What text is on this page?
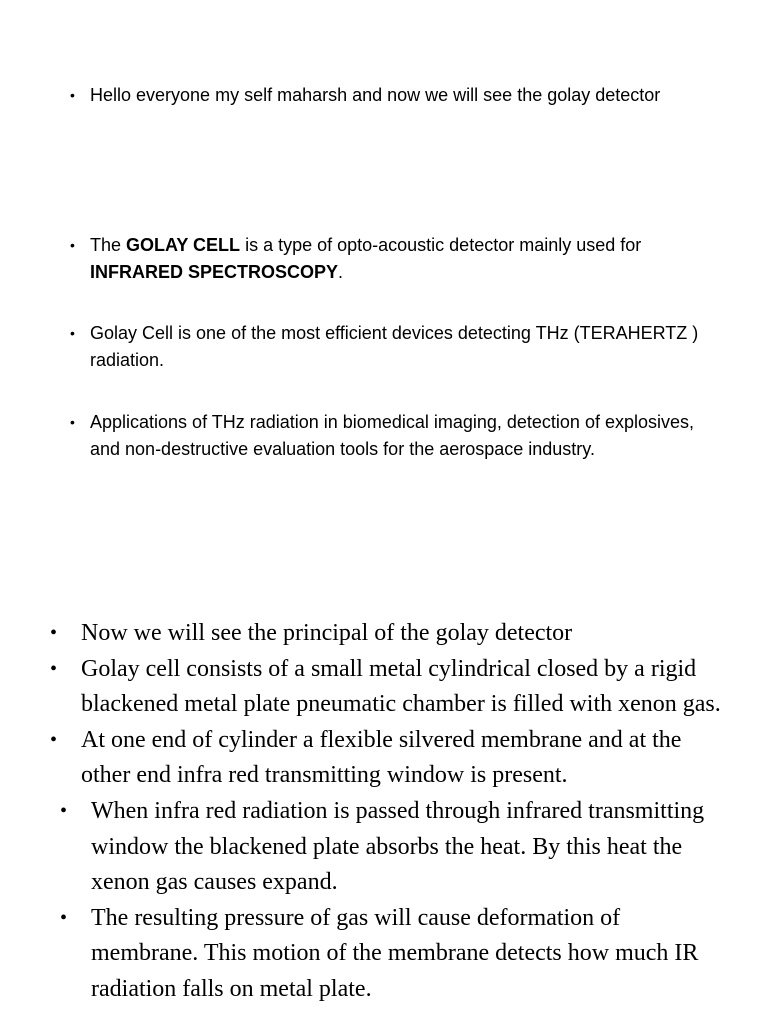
• Hello everyone my self maharsh and now we will see the golay detector
• The GOLAY CELL is a type of opto-acoustic detector mainly used for INFRARED SPECTROSCOPY.
• Golay Cell is one of the most efficient devices detecting THz (TERAHERTZ ) radiation.
• Applications of THz radiation in biomedical imaging, detection of explosives, and non-destructive evaluation tools for the aerospace industry.
• Now we will see the principal of the golay detector
• Golay cell consists of a small metal cylindrical closed by a rigid blackened metal plate pneumatic chamber is filled with xenon gas.
• At one end of cylinder a flexible silvered membrane and at the other end infra red transmitting window is present.
• When infra red radiation is passed through infrared transmitting window the blackened plate absorbs the heat. By this heat the xenon gas causes expand.
• The resulting pressure of gas will cause deformation of membrane. This motion of the membrane detects how much IR radiation falls on metal plate.
